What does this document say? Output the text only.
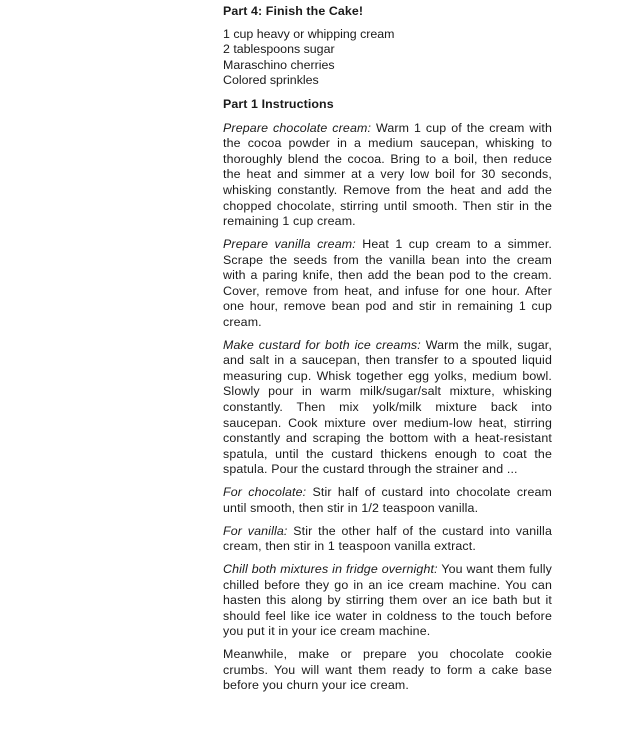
Part 4: Finish the Cake!
1 cup heavy or whipping cream
2 tablespoons sugar
Maraschino cherries
Colored sprinkles
Part 1 Instructions

Prepare chocolate cream: Warm 1 cup of the cream with the cocoa powder in a medium saucepan, whisking to thoroughly blend the cocoa. Bring to a boil, then reduce the heat and simmer at a very low boil for 30 seconds, whisking constantly. Remove from the heat and add the chopped chocolate, stirring until smooth. Then stir in the remaining 1 cup cream.

Prepare vanilla cream: Heat 1 cup cream to a simmer. Scrape the seeds from the vanilla bean into the cream with a paring knife, then add the bean pod to the cream. Cover, remove from heat, and infuse for one hour. After one hour, remove bean pod and stir in remaining 1 cup cream.

Make custard for both ice creams: Warm the milk, sugar, and salt in a saucepan, then transfer to a spouted liquid measuring cup. Whisk together egg yolks, medium bowl. Slowly pour in warm milk/sugar/salt mixture, whisking constantly. Then mix yolk/milk mixture back into saucepan. Cook mixture over medium-low heat, stirring constantly and scraping the bottom with a heat-resistant spatula, until the custard thickens enough to coat the spatula. Pour the custard through the strainer and ...

For chocolate: Stir half of custard into chocolate cream until smooth, then stir in 1/2 teaspoon vanilla.

For vanilla: Stir the other half of the custard into vanilla cream, then stir in 1 teaspoon vanilla extract.

Chill both mixtures in fridge overnight: You want them fully chilled before they go in an ice cream machine. You can hasten this along by stirring them over an ice bath but it should feel like ice water in coldness to the touch before you put it in your ice cream machine.

Meanwhile, make or prepare you chocolate cookie crumbs. You will want them ready to form a cake base before you churn your ice cream.
